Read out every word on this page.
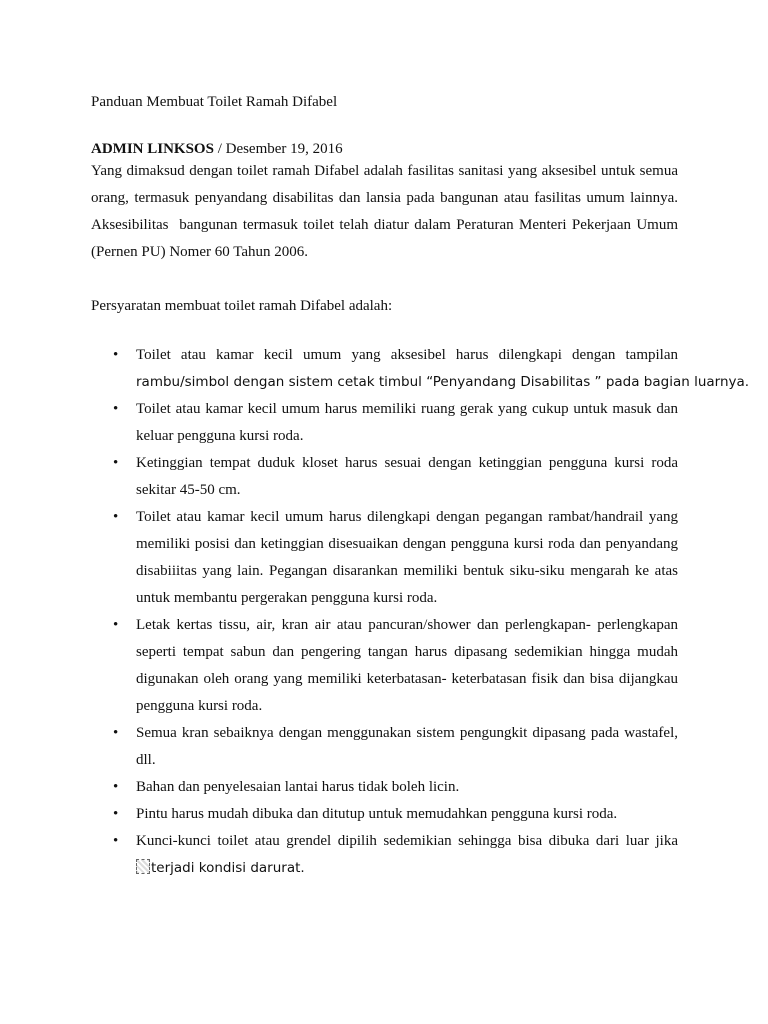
Panduan Membuat Toilet Ramah Difabel
ADMIN LINKSOS / Desember 19, 2016
Yang dimaksud dengan toilet ramah Difabel adalah fasilitas sanitasi yang aksesibel untuk semua
orang, termasuk penyandang disabilitas dan lansia pada bangunan atau fasilitas umum lainnya.
Aksesibilitas  bangunan termasuk toilet telah diatur dalam Peraturan Menteri Pekerjaan Umum
(Pernen PU) Nomer 60 Tahun 2006.
Persyaratan membuat toilet ramah Difabel adalah:
• Toilet atau kamar kecil umum yang aksesibel harus dilengkapi dengan tampilan
rambu/simbol dengan sistem cetak timbul “Penyandang Disabilitas ” pada bagian luarnya.
• Toilet atau kamar kecil umum harus memiliki ruang gerak yang cukup untuk masuk dan
keluar pengguna kursi roda.
• Ketinggian tempat duduk kloset harus sesuai dengan ketinggian pengguna kursi roda
sekitar 45-50 cm.
• Toilet atau kamar kecil umum harus dilengkapi dengan pegangan rambat/handrail yang
memiliki posisi dan ketinggian disesuaikan dengan pengguna kursi roda dan penyandang
disabiiitas yang lain. Pegangan disarankan memiliki bentuk siku-siku mengarah ke atas
untuk membantu pergerakan pengguna kursi roda.
• Letak kertas tissu, air, kran air atau pancuran/shower dan perlengkapan- perlengkapan
seperti tempat sabun dan pengering tangan harus dipasang sedemikian hingga mudah
digunakan oleh orang yang memiliki keterbatasan- keterbatasan fisik dan bisa dijangkau
pengguna kursi roda.
• Semua kran sebaiknya dengan menggunakan sistem pengungkit dipasang pada wastafel,
dll.
• Bahan dan penyelesaian lantai harus tidak boleh licin.
• Pintu harus mudah dibuka dan ditutup untuk memudahkan pengguna kursi roda.
• Kunci-kunci toilet atau grendel dipilih sedemikian sehingga bisa dibuka dari luar jika
terjadi kondisi darurat.
